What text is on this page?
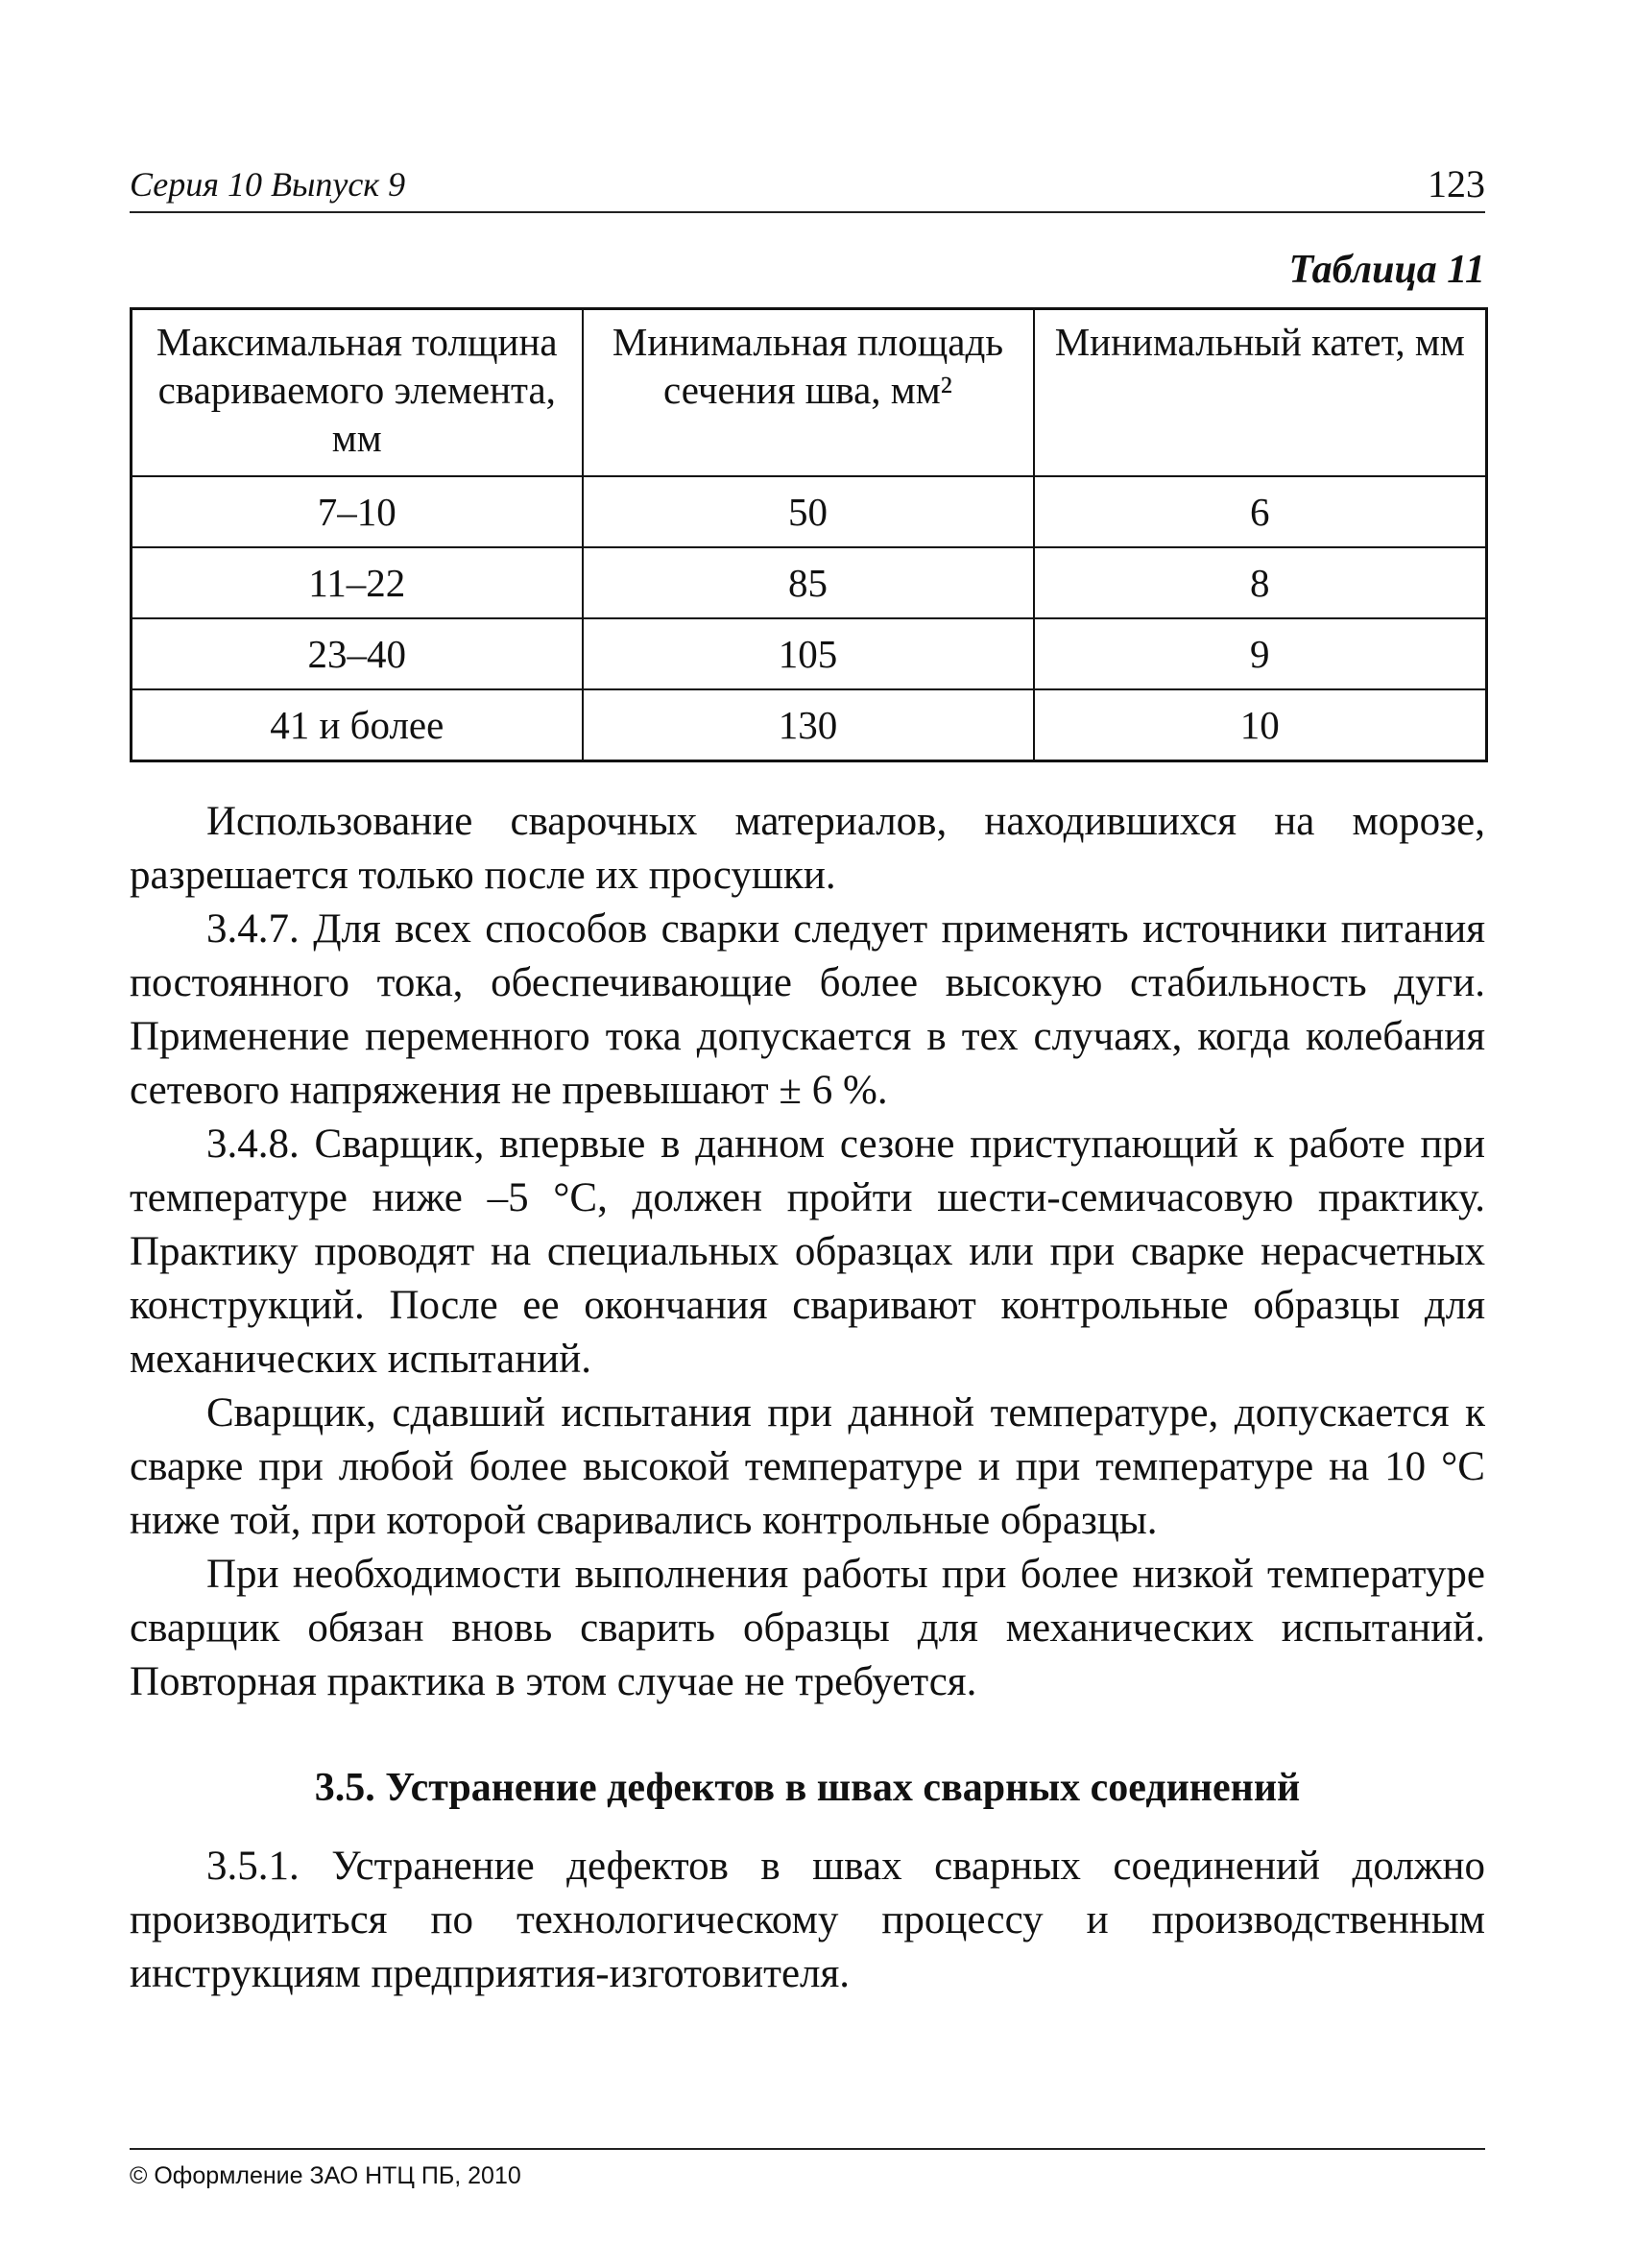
Серия 10 Выпуск 9	123
Таблица 11
Максимальная толщина свариваемого элемента, мм	Минимальная площадь сечения шва, мм²	Минимальный катет, мм
7–10	50	6
11–22	85	8
23–40	105	9
41 и более	130	10

Использование сварочных материалов, находившихся на морозе, разрешается только после их просушки.

3.4.7. Для всех способов сварки следует применять источники питания постоянного тока, обеспечивающие более высокую стабильность дуги. Применение переменного тока допускается в тех случаях, когда колебания сетевого напряжения не превышают ± 6 %.

3.4.8. Сварщик, впервые в данном сезоне приступающий к работе при температуре ниже –5 °С, должен пройти шести-семичасовую практику. Практику проводят на специальных образцах или при сварке нерасчетных конструкций. После ее окончания сваривают контрольные образцы для механических испытаний.

Сварщик, сдавший испытания при данной температуре, допускается к сварке при любой более высокой температуре и при температуре на 10 °С ниже той, при которой сваривались контрольные образцы.

При необходимости выполнения работы при более низкой температуре сварщик обязан вновь сварить образцы для механических испытаний. Повторная практика в этом случае не требуется.

3.5. Устранение дефектов в швах сварных соединений

3.5.1. Устранение дефектов в швах сварных соединений должно производиться по технологическому процессу и производственным инструкциям предприятия-изготовителя.

© Оформление ЗАО НТЦ ПБ, 2010
